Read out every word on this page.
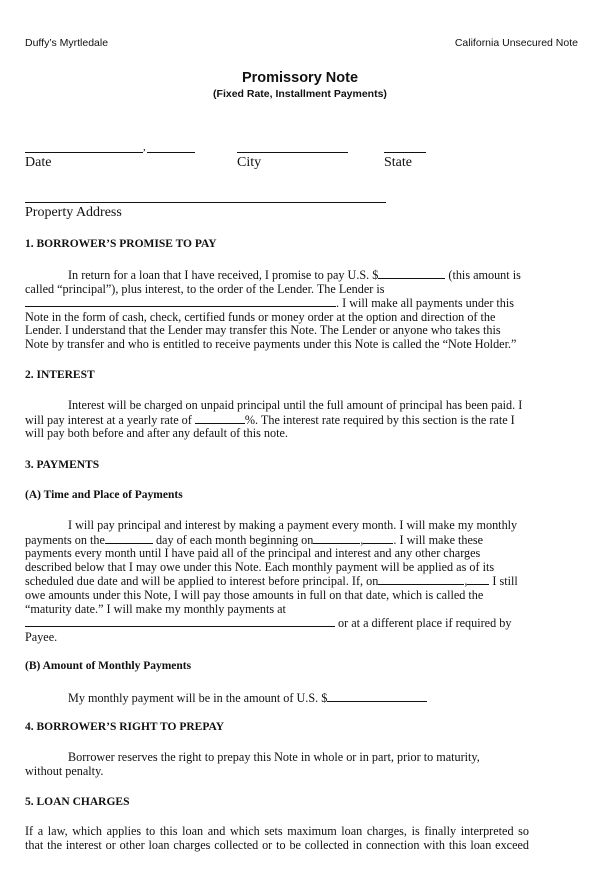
Duffy’s Myrtledale	California Unsecured Note
Promissory Note
(Fixed Rate, Installment Payments)
,
Date	City	State
Property Address
1. BORROWER’S PROMISE TO PAY
In return for a loan that I have received, I promise to pay U.S. $	(this amount is
called “principal”), plus interest, to the order of the Lender. The Lender is
. I will make all payments under this
Note in the form of cash, check, certified funds or money order at the option and direction of the
Lender. I understand that the Lender may transfer this Note. The Lender or anyone who takes this
Note by transfer and who is entitled to receive payments under this Note is called the “Note Holder.”
2. INTEREST
Interest will be charged on unpaid principal until the full amount of principal has been paid. I
will pay interest at a yearly rate of	%. The interest rate required by this section is the rate I
will pay both before and after any default of this note.
3. PAYMENTS
(A) Time and Place of Payments
I will pay principal and interest by making a payment every month. I will make my monthly
payments on the	day of each month beginning on	, . I will make these
payments every month until I have paid all of the principal and interest and any other charges
described below that I may owe under this Note. Each monthly payment will be applied as of its
scheduled due date and will be applied to interest before principal. If, on	, I still
owe amounts under this Note, I will pay those amounts in full on that date, which is called the
“maturity date.” I will make my monthly payments at
or at a different place if required by
Payee.
(B) Amount of Monthly Payments
My monthly payment will be in the amount of U.S. $
4. BORROWER’S RIGHT TO PREPAY
Borrower reserves the right to prepay this Note in whole or in part, prior to maturity,
without penalty.
5. LOAN CHARGES
If a law, which applies to this loan and which sets maximum loan charges, is finally interpreted so
that the interest or other loan charges collected or to be collected in connection with this loan exceed
